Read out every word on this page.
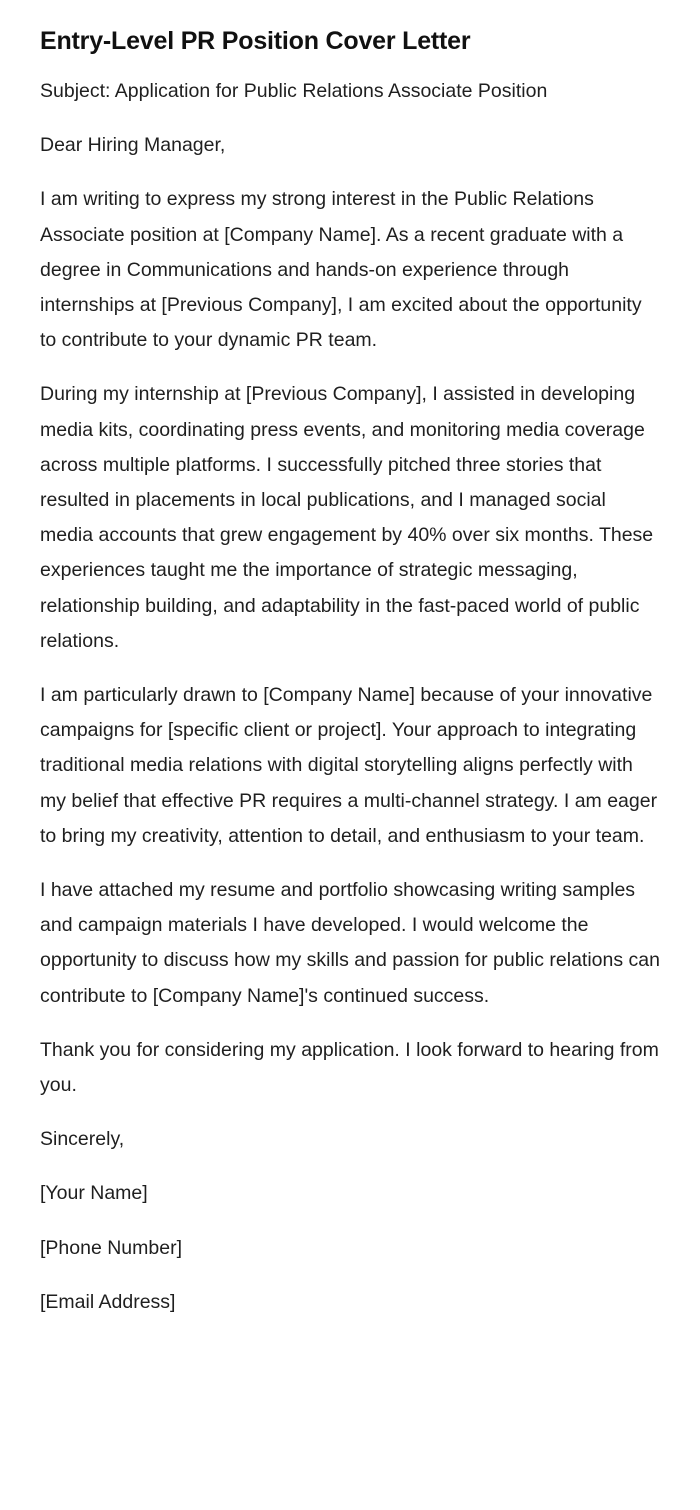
Entry-Level PR Position Cover Letter

Subject: Application for Public Relations Associate Position

Dear Hiring Manager,

I am writing to express my strong interest in the Public Relations Associate position at [Company Name]. As a recent graduate with a degree in Communications and hands-on experience through internships at [Previous Company], I am excited about the opportunity to contribute to your dynamic PR team.

During my internship at [Previous Company], I assisted in developing media kits, coordinating press events, and monitoring media coverage across multiple platforms. I successfully pitched three stories that resulted in placements in local publications, and I managed social media accounts that grew engagement by 40% over six months. These experiences taught me the importance of strategic messaging, relationship building, and adaptability in the fast-paced world of public relations.

I am particularly drawn to [Company Name] because of your innovative campaigns for [specific client or project]. Your approach to integrating traditional media relations with digital storytelling aligns perfectly with my belief that effective PR requires a multi-channel strategy. I am eager to bring my creativity, attention to detail, and enthusiasm to your team.

I have attached my resume and portfolio showcasing writing samples and campaign materials I have developed. I would welcome the opportunity to discuss how my skills and passion for public relations can contribute to [Company Name]'s continued success.

Thank you for considering my application. I look forward to hearing from you.

Sincerely,

[Your Name]

[Phone Number]

[Email Address]
